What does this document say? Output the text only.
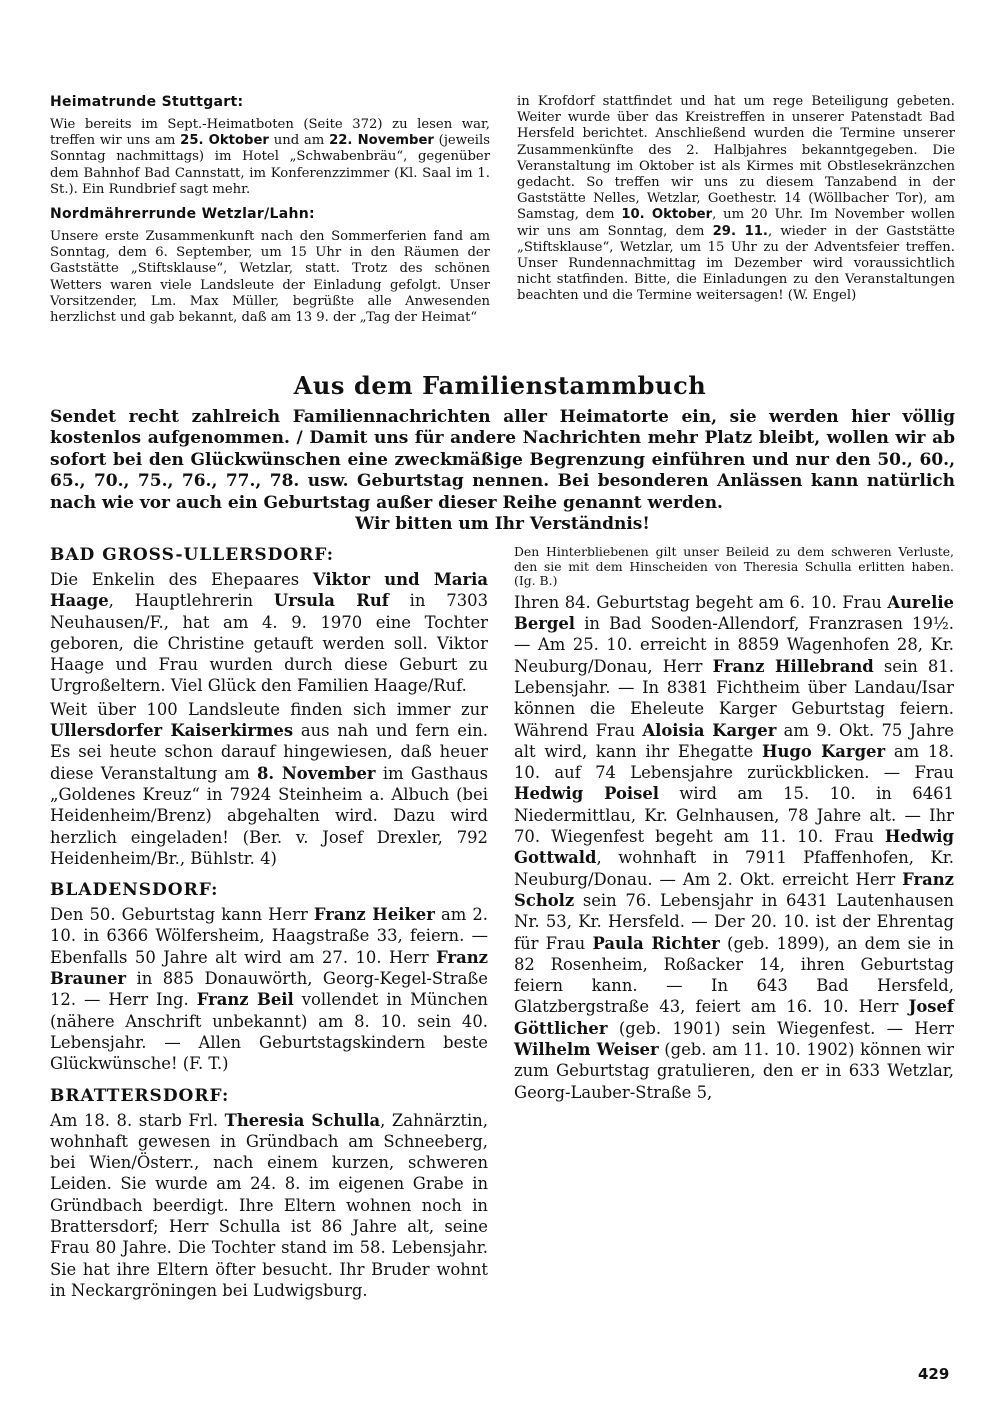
Heimatrunde Stuttgart:

Wie bereits im Sept.-Heimatboten (Seite 372) zu lesen war, treffen wir uns am 25. Oktober und am 22. November (jeweils Sonntag nachmittags) im Hotel „Schwabenbräu“, gegenüber dem Bahnhof Bad Cannstatt, im Konferenzzimmer (Kl. Saal im 1. St.). Ein Rundbrief sagt mehr.

Nordmährerrunde Wetzlar/Lahn:

Unsere erste Zusammenkunft nach den Sommerferien fand am Sonntag, dem 6. September, um 15 Uhr in den Räumen der Gaststätte „Stiftsklause“, Wetzlar, statt. Trotz des schönen Wetters waren viele Landsleute der Einladung gefolgt. Unser Vorsitzender, Lm. Max Müller, begrüßte alle Anwesenden herzlichst und gab bekannt, daß am 13 9. der „Tag der Heimat“

in Krofdorf stattfindet und hat um rege Beteiligung gebeten. Weiter wurde über das Kreistreffen in unserer Patenstadt Bad Hersfeld berichtet. Anschließend wurden die Termine unserer Zusammenkünfte des 2. Halbjahres bekanntgegeben. Die Veranstaltung im Oktober ist als Kirmes mit Obstlesekränzchen gedacht. So treffen wir uns zu diesem Tanzabend in der Gaststätte Nelles, Wetzlar, Goethestr. 14 (Wöllbacher Tor), am Samstag, dem 10. Oktober, um 20 Uhr. Im November wollen wir uns am Sonntag, dem 29. 11., wieder in der Gaststätte „Stiftsklause“, Wetzlar, um 15 Uhr zu der Adventsfeier treffen. Unser Rundennachmittag im Dezember wird voraussichtlich nicht statfinden. Bitte, die Einladungen zu den Veranstaltungen beachten und die Termine weitersagen! (W. Engel)

Aus dem Familienstammbuch
Sendet recht zahlreich Familiennachrichten aller Heimatorte ein, sie werden hier völlig kostenlos aufgenommen. / Damit uns für andere Nachrichten mehr Platz bleibt, wollen wir ab sofort bei den Glückwünschen eine zweckmäßige Begrenzung einführen und nur den 50., 60., 65., 70., 75., 76., 77., 78. usw. Geburtstag nennen. Bei besonderen Anlässen kann natürlich nach wie vor auch ein Geburtstag außer dieser Reihe genannt werden.
Wir bitten um Ihr Verständnis!
BAD GROSS-ULLERSDORF:

Die Enkelin des Ehepaares Viktor und Maria Haage, Hauptlehrerin Ursula Ruf in 7303 Neuhausen/F., hat am 4. 9. 1970 eine Tochter geboren, die Christine getauft werden soll. Viktor Haage und Frau wurden durch diese Geburt zu Urgroßeltern. Viel Glück den Familien Haage/Ruf.

Weit über 100 Landsleute finden sich immer zur Ullersdorfer Kaiserkirmes aus nah und fern ein. Es sei heute schon darauf hingewiesen, daß heuer diese Veranstaltung am 8. November im Gasthaus „Goldenes Kreuz“ in 7924 Steinheim a. Albuch (bei Heidenheim/Brenz) abgehalten wird. Dazu wird herzlich eingeladen! (Ber. v. Josef Drexler, 792 Heidenheim/Br., Bühlstr. 4)

BLADENSDORF:

Den 50. Geburtstag kann Herr Franz Heiker am 2. 10. in 6366 Wölfersheim, Haagstraße 33, feiern. — Ebenfalls 50 Jahre alt wird am 27. 10. Herr Franz Brauner in 885 Donauwörth, Georg-Kegel-Straße 12. — Herr Ing. Franz Beil vollendet in München (nähere Anschrift unbekannt) am 8. 10. sein 40. Lebensjahr. — Allen Geburtstagskindern beste Glückwünsche! (F. T.)

BRATTERSDORF:

Am 18. 8. starb Frl. Theresia Schulla, Zahnärztin, wohnhaft gewesen in Gründbach am Schneeberg, bei Wien/Österr., nach einem kurzen, schweren Leiden. Sie wurde am 24. 8. im eigenen Grabe in Gründbach beerdigt. Ihre Eltern wohnen noch in Brattersdorf; Herr Schulla ist 86 Jahre alt, seine Frau 80 Jahre. Die Tochter stand im 58. Lebensjahr. Sie hat ihre Eltern öfter besucht. Ihr Bruder wohnt in Neckargröningen bei Ludwigsburg.

Den Hinterbliebenen gilt unser Beileid zu dem schweren Verluste, den sie mit dem Hinscheiden von Theresia Schulla erlitten haben. (Ig. B.)

Ihren 84. Geburtstag begeht am 6. 10. Frau Aurelie Bergel in Bad Sooden-Allendorf, Franzrasen 19½. — Am 25. 10. erreicht in 8859 Wagenhofen 28, Kr. Neuburg/Donau, Herr Franz Hillebrand sein 81. Lebensjahr. — In 8381 Fichtheim über Landau/Isar können die Eheleute Karger Geburtstag feiern. Während Frau Aloisia Karger am 9. Okt. 75 Jahre alt wird, kann ihr Ehegatte Hugo Karger am 18. 10. auf 74 Lebensjahre zurückblicken. — Frau Hedwig Poisel wird am 15. 10. in 6461 Niedermittlau, Kr. Gelnhausen, 78 Jahre alt. — Ihr 70. Wiegenfest begeht am 11. 10. Frau Hedwig Gottwald, wohnhaft in 7911 Pfaffenhofen, Kr. Neuburg/Donau. — Am 2. Okt. erreicht Herr Franz Scholz sein 76. Lebensjahr in 6431 Lautenhausen Nr. 53, Kr. Hersfeld. — Der 20. 10. ist der Ehrentag für Frau Paula Richter (geb. 1899), an dem sie in 82 Rosenheim, Roßacker 14, ihren Geburtstag feiern kann. — In 643 Bad Hersfeld, Glatzbergstraße 43, feiert am 16. 10. Herr Josef Göttlicher (geb. 1901) sein Wiegenfest. — Herr Wilhelm Weiser (geb. am 11. 10. 1902) können wir zum Geburtstag gratulieren, den er in 633 Wetzlar, Georg-Lauber-Straße 5,

429
